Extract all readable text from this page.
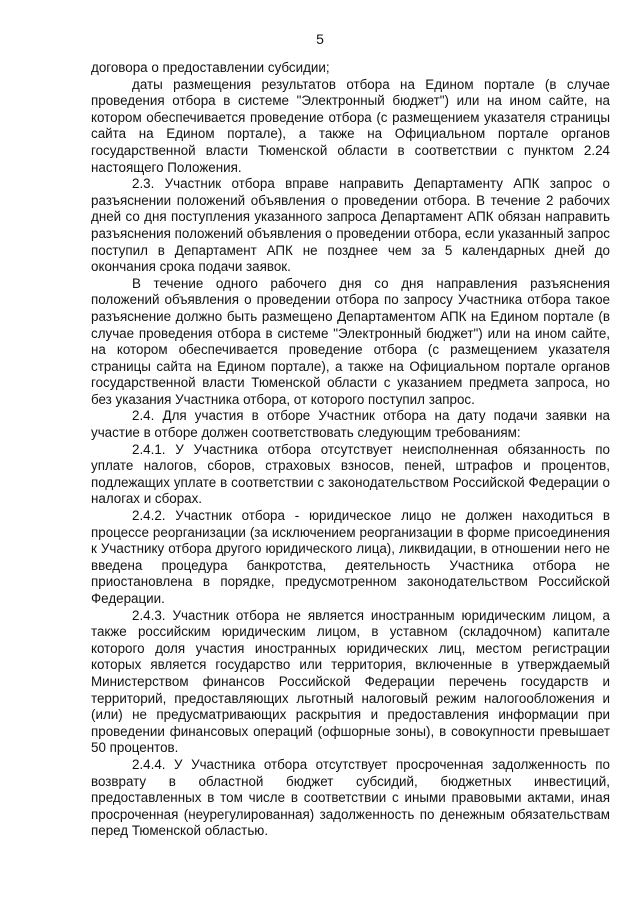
5

договора о предоставлении субсидии;

даты размещения результатов отбора на Едином портале (в случае проведения отбора в системе "Электронный бюджет") или на ином сайте, на котором обеспечивается проведение отбора (с размещением указателя страницы сайта на Едином портале), а также на Официальном портале органов государственной власти Тюменской области в соответствии с пунктом 2.24 настоящего Положения.

2.3. Участник отбора вправе направить Департаменту АПК запрос о разъяснении положений объявления о проведении отбора. В течение 2 рабочих дней со дня поступления указанного запроса Департамент АПК обязан направить разъяснения положений объявления о проведении отбора, если указанный запрос поступил в Департамент АПК не позднее чем за 5 календарных дней до окончания срока подачи заявок.

В течение одного рабочего дня со дня направления разъяснения положений объявления о проведении отбора по запросу Участника отбора такое разъяснение должно быть размещено Департаментом АПК на Едином портале (в случае проведения отбора в системе "Электронный бюджет") или на ином сайте, на котором обеспечивается проведение отбора (с размещением указателя страницы сайта на Едином портале), а также на Официальном портале органов государственной власти Тюменской области с указанием предмета запроса, но без указания Участника отбора, от которого поступил запрос.

2.4. Для участия в отборе Участник отбора на дату подачи заявки на участие в отборе должен соответствовать следующим требованиям:

2.4.1. У Участника отбора отсутствует неисполненная обязанность по уплате налогов, сборов, страховых взносов, пеней, штрафов и процентов, подлежащих уплате в соответствии с законодательством Российской Федерации о налогах и сборах.

2.4.2. Участник отбора - юридическое лицо не должен находиться в процессе реорганизации (за исключением реорганизации в форме присоединения к Участнику отбора другого юридического лица), ликвидации, в отношении него не введена процедура банкротства, деятельность Участника отбора не приостановлена в порядке, предусмотренном законодательством Российской Федерации.

2.4.3. Участник отбора не является иностранным юридическим лицом, а также российским юридическим лицом, в уставном (складочном) капитале которого доля участия иностранных юридических лиц, местом регистрации которых является государство или территория, включенные в утверждаемый Министерством финансов Российской Федерации перечень государств и территорий, предоставляющих льготный налоговый режим налогообложения и (или) не предусматривающих раскрытия и предоставления информации при проведении финансовых операций (офшорные зоны), в совокупности превышает 50 процентов.

2.4.4. У Участника отбора отсутствует просроченная задолженность по возврату в областной бюджет субсидий, бюджетных инвестиций, предоставленных в том числе в соответствии с иными правовыми актами, иная просроченная (неурегулированная) задолженность по денежным обязательствам перед Тюменской областью.
